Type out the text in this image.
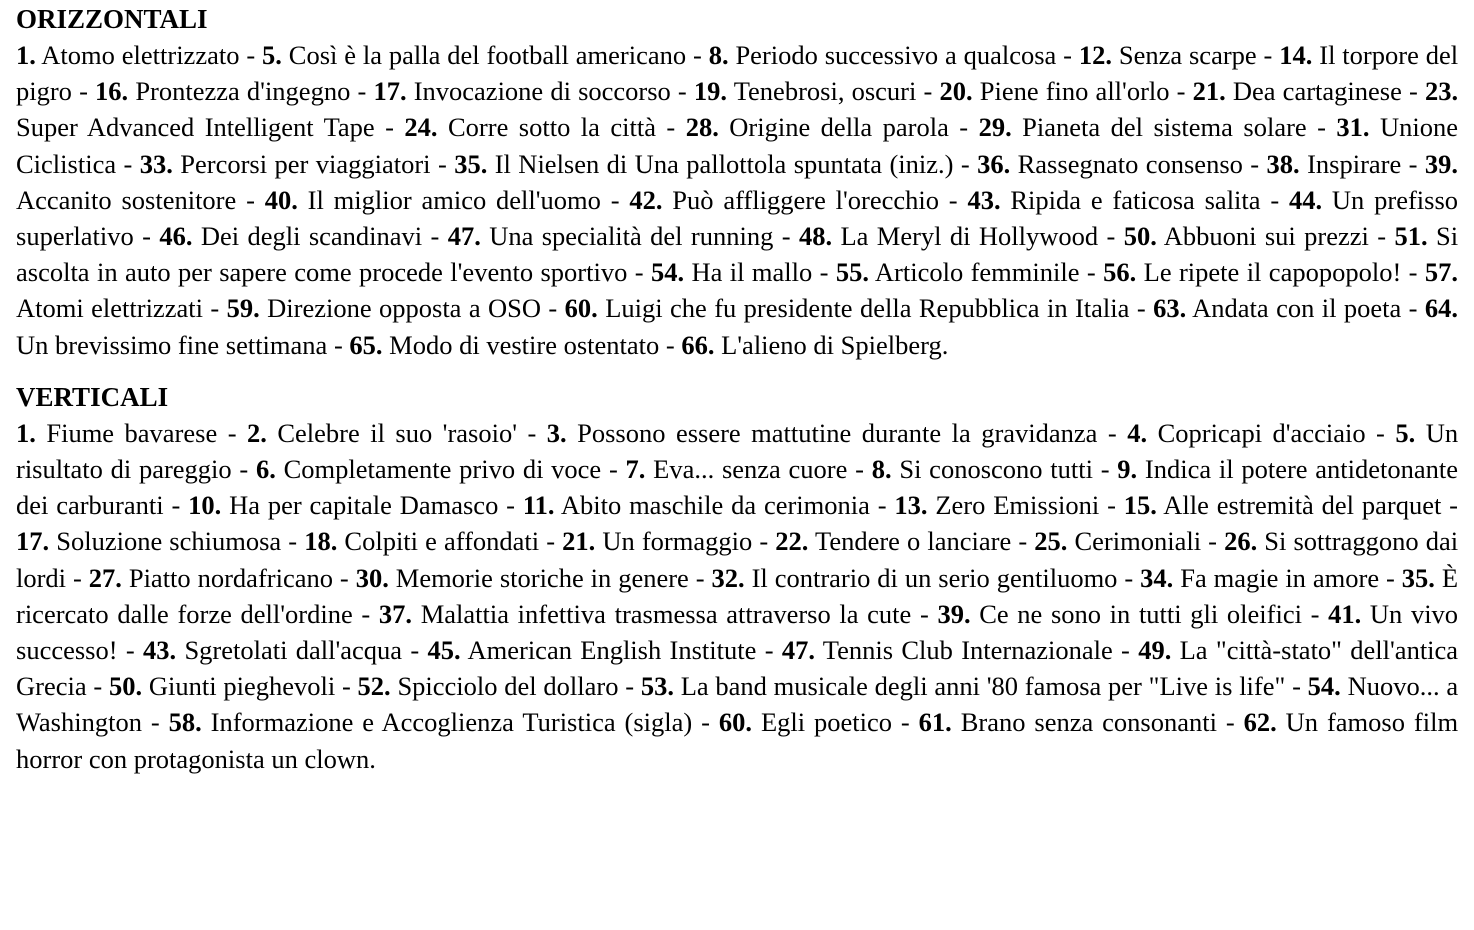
ORIZZONTALI

1. Atomo elettrizzato - 5. Così è la palla del football americano - 8. Periodo successivo a qualcosa - 12. Senza scarpe - 14. Il torpore del pigro - 16. Prontezza d'ingegno - 17. Invocazione di soccorso - 19. Tenebrosi, oscuri - 20. Piene fino all'orlo - 21. Dea cartaginese - 23. Super Advanced Intelligent Tape - 24. Corre sotto la città - 28. Origine della parola - 29. Pianeta del sistema solare - 31. Unione Ciclistica - 33. Percorsi per viaggiatori - 35. Il Nielsen di Una pallottola spuntata (iniz.) - 36. Rassegnato consenso - 38. Inspirare - 39. Accanito sostenitore - 40. Il miglior amico dell'uomo - 42. Può affliggere l'orecchio - 43. Ripida e faticosa salita - 44. Un prefisso superlativo - 46. Dei degli scandinavi - 47. Una specialità del running - 48. La Meryl di Hollywood - 50. Abbuoni sui prezzi - 51. Si ascolta in auto per sapere come procede l'evento sportivo - 54. Ha il mallo - 55. Articolo femminile - 56. Le ripete il capopopolo! - 57. Atomi elettrizzati - 59. Direzione opposta a OSO - 60. Luigi che fu presidente della Repubblica in Italia - 63. Andata con il poeta - 64. Un brevissimo fine settimana - 65. Modo di vestire ostentato - 66. L'alieno di Spielberg.

VERTICALI

1. Fiume bavarese - 2. Celebre il suo 'rasoio' - 3. Possono essere mattutine durante la gravidanza - 4. Copricapi d'acciaio - 5. Un risultato di pareggio - 6. Completamente privo di voce - 7. Eva... senza cuore - 8. Si conoscono tutti - 9. Indica il potere antidetonante dei carburanti - 10. Ha per capitale Damasco - 11. Abito maschile da cerimonia - 13. Zero Emissioni - 15. Alle estremità del parquet - 17. Soluzione schiumosa - 18. Colpiti e affondati - 21. Un formaggio - 22. Tendere o lanciare - 25. Cerimoniali - 26. Si sottraggono dai lordi - 27. Piatto nordafricano - 30. Memorie storiche in genere - 32. Il contrario di un serio gentiluomo - 34. Fa magie in amore - 35. È ricercato dalle forze dell'ordine - 37. Malattia infettiva trasmessa attraverso la cute - 39. Ce ne sono in tutti gli oleifici - 41. Un vivo successo! - 43. Sgretolati dall'acqua - 45. American English Institute - 47. Tennis Club Internazionale - 49. La "città-stato" dell'antica Grecia - 50. Giunti pieghevoli - 52. Spicciolo del dollaro - 53. La band musicale degli anni '80 famosa per "Live is life" - 54. Nuovo... a Washington - 58. Informazione e Accoglienza Turistica (sigla) - 60. Egli poetico - 61. Brano senza consonanti - 62. Un famoso film horror con protagonista un clown.
